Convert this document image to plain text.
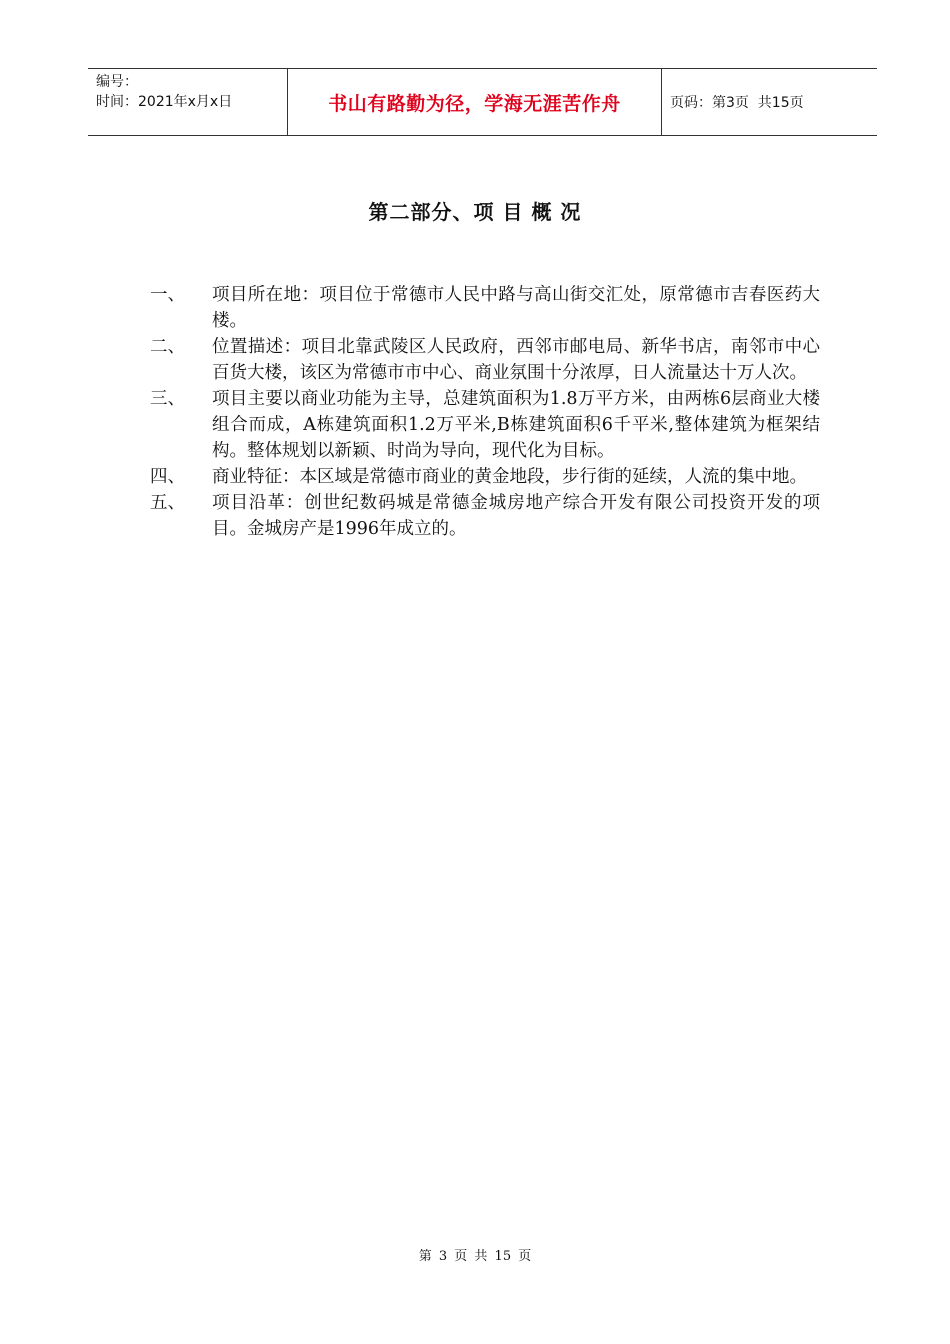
编号：
时间：2021年x月x日	书山有路勤为径，学海无涯苦作舟	页码：第3页  共15页
第二部分、项 目 概 况
一、	项目所在地：项目位于常德市人民中路与高山街交汇处，原常德市吉春医药大楼。
二、	位置描述：项目北靠武陵区人民政府，西邻市邮电局、新华书店，南邻市中心百货大楼，该区为常德市市中心、商业氛围十分浓厚，日人流量达十万人次。
三、	项目主要以商业功能为主导，总建筑面积为1.8万平方米，由两栋6层商业大楼组合而成，A栋建筑面积1.2万平米,B栋建筑面积6千平米,整体建筑为框架结构。整体规划以新颖、时尚为导向，现代化为目标。
四、	商业特征：本区域是常德市商业的黄金地段，步行街的延续，人流的集中地。
五、	项目沿革：创世纪数码城是常德金城房地产综合开发有限公司投资开发的项目。金城房产是1996年成立的。
第 3 页 共 15 页
